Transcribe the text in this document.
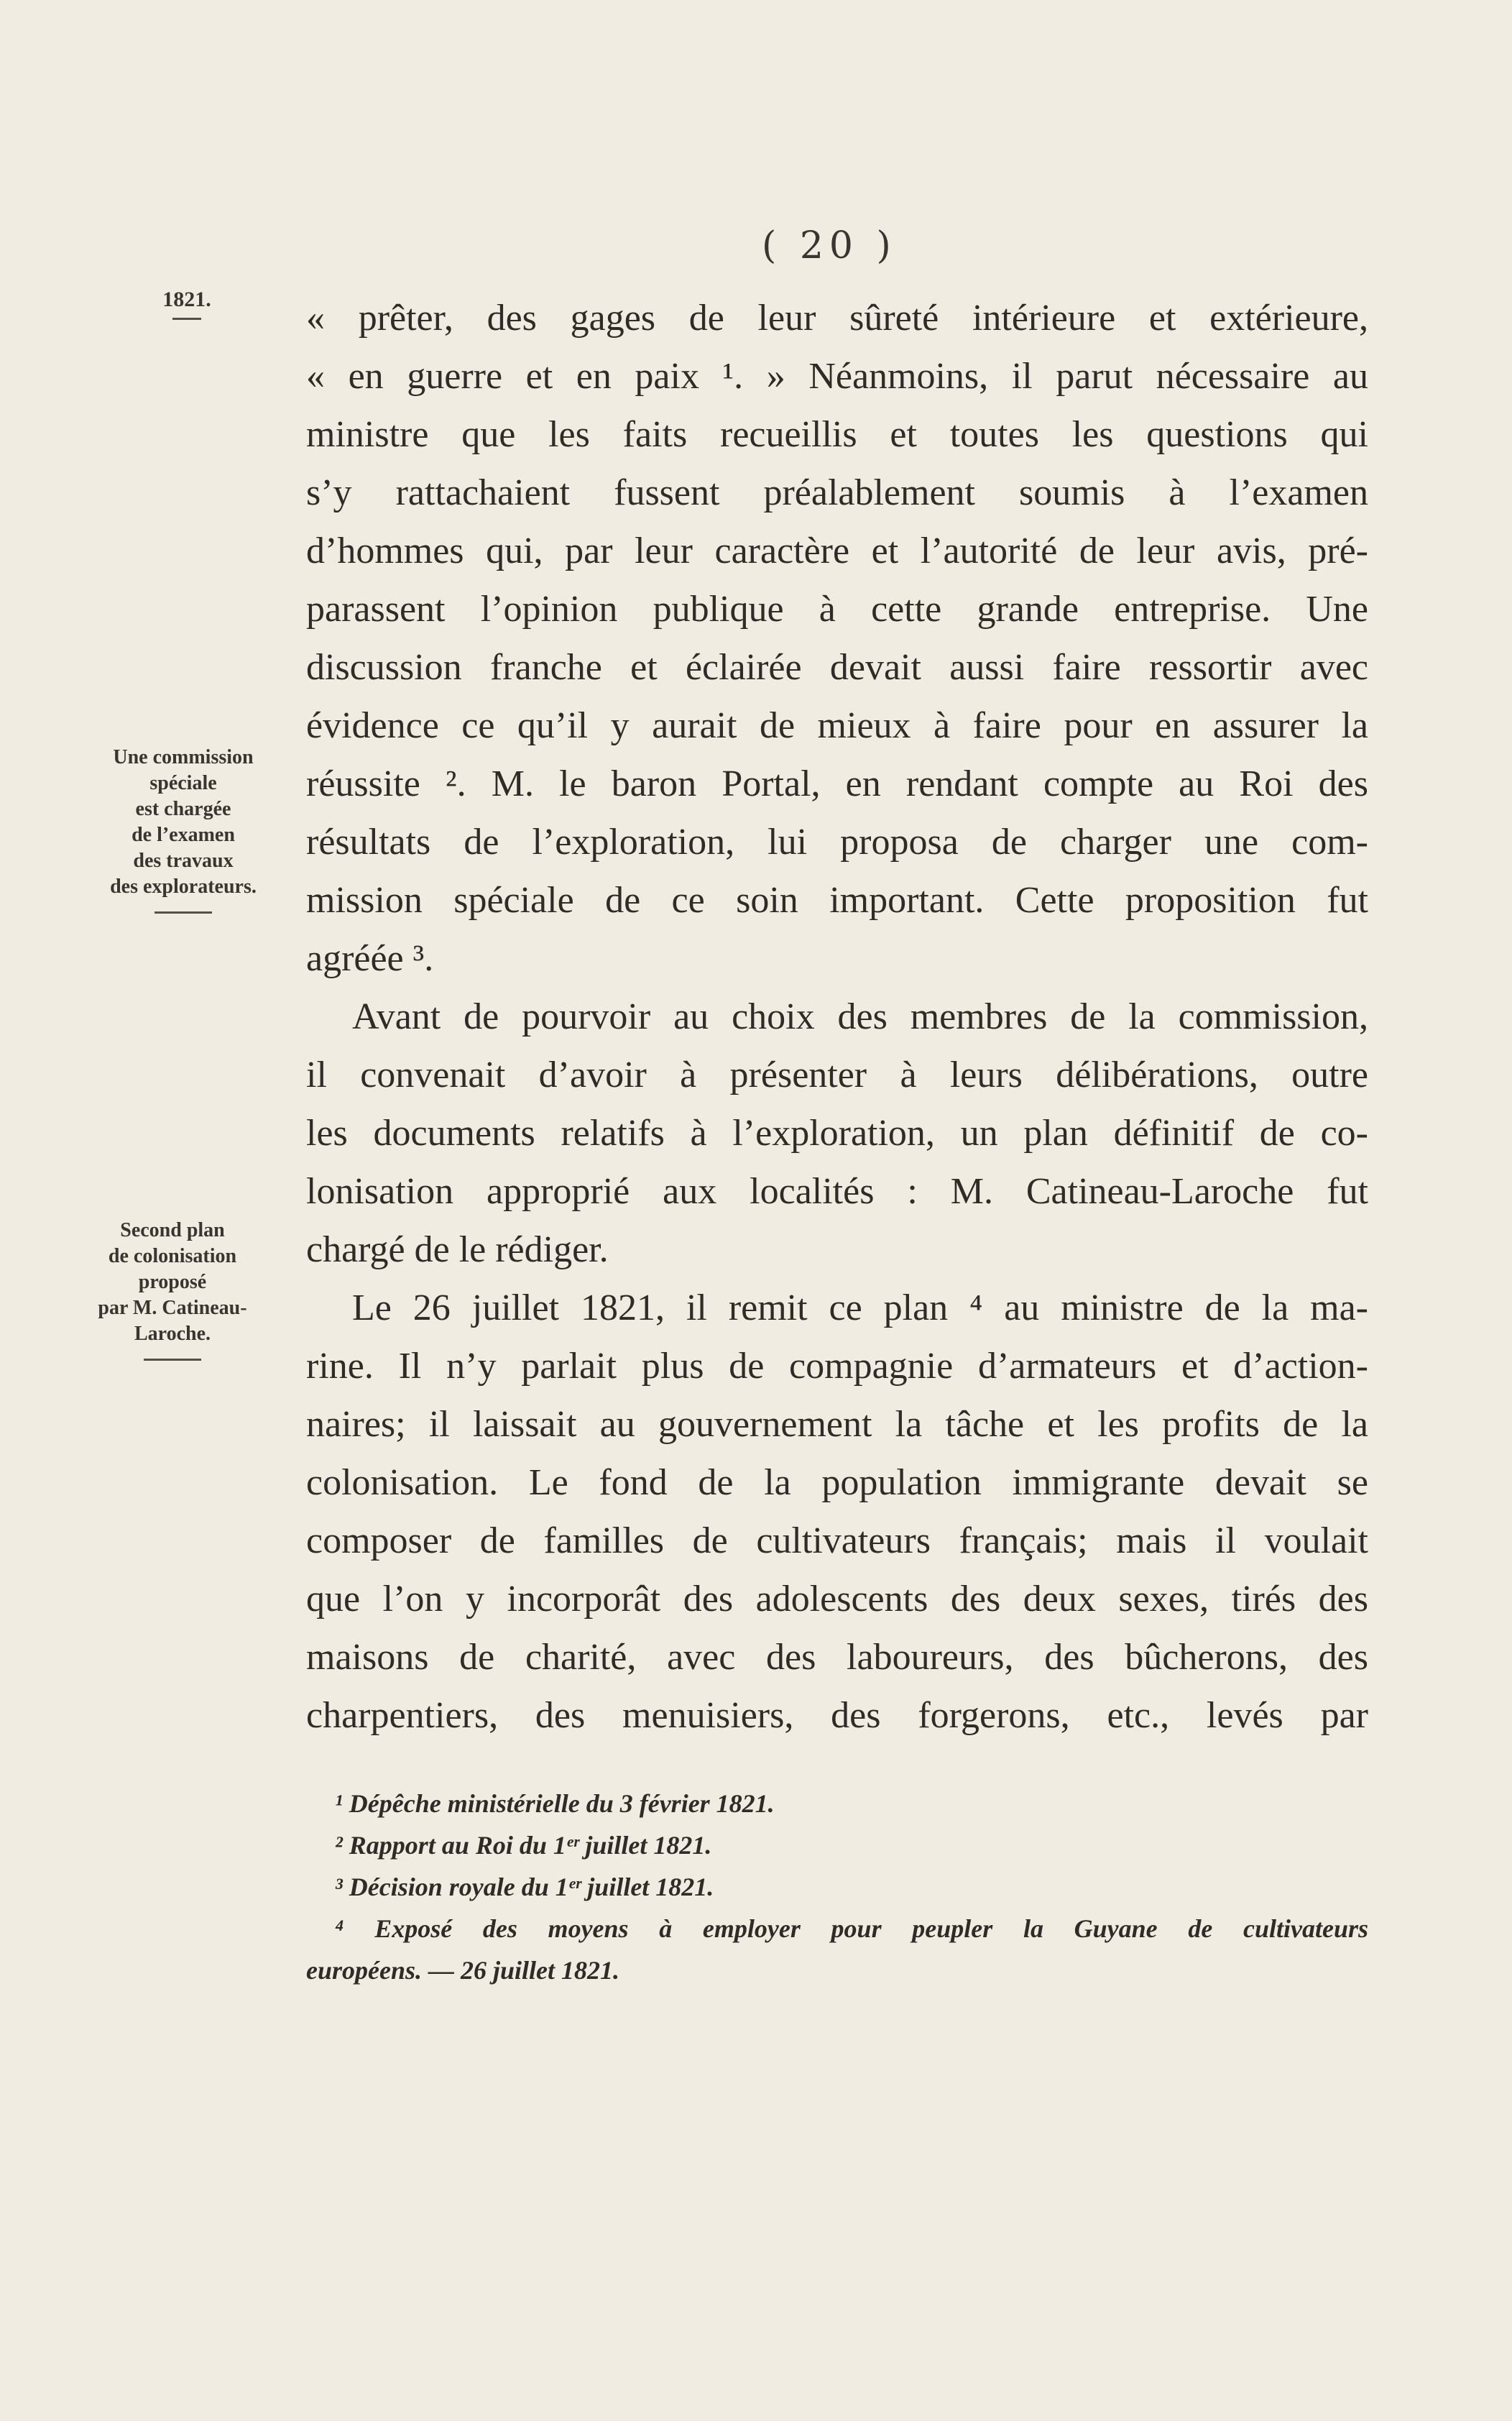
( 20 )
1821.
Une commission
spéciale
est chargée
de l’examen
des travaux
des explorateurs.
Second plan
de colonisation
proposé
par M. Catineau-
Laroche.
« prêter, des gages de leur sûreté intérieure et extérieure,
« en guerre et en paix ¹. » Néanmoins, il parut nécessaire au
ministre que les faits recueillis et toutes les questions qui
s’y rattachaient fussent préalablement soumis à l’examen
d’hommes qui, par leur caractère et l’autorité de leur avis, pré-
parassent l’opinion publique à cette grande entreprise. Une
discussion franche et éclairée devait aussi faire ressortir avec
évidence ce qu’il y aurait de mieux à faire pour en assurer la
réussite ². M. le baron Portal, en rendant compte au Roi des
résultats de l’exploration, lui proposa de charger une com-
mission spéciale de ce soin important. Cette proposition fut
agréée ³.
Avant de pourvoir au choix des membres de la commission,
il convenait d’avoir à présenter à leurs délibérations, outre
les documents relatifs à l’exploration, un plan définitif de co-
lonisation approprié aux localités : M. Catineau-Laroche fut
chargé de le rédiger.
Le 26 juillet 1821, il remit ce plan ⁴ au ministre de la ma-
rine. Il n’y parlait plus de compagnie d’armateurs et d’action-
naires; il laissait au gouvernement la tâche et les profits de la
colonisation. Le fond de la population immigrante devait se
composer de familles de cultivateurs français; mais il voulait
que l’on y incorporât des adolescents des deux sexes, tirés des
maisons de charité, avec des laboureurs, des bûcherons, des
charpentiers, des menuisiers, des forgerons, etc., levés par
¹ Dépêche ministérielle du 3 février 1821.
² Rapport au Roi du 1ᵉʳ juillet 1821.
³ Décision royale du 1ᵉʳ juillet 1821.
⁴ Exposé des moyens à employer pour peupler la Guyane de cultivateurs
européens. — 26 juillet 1821.
